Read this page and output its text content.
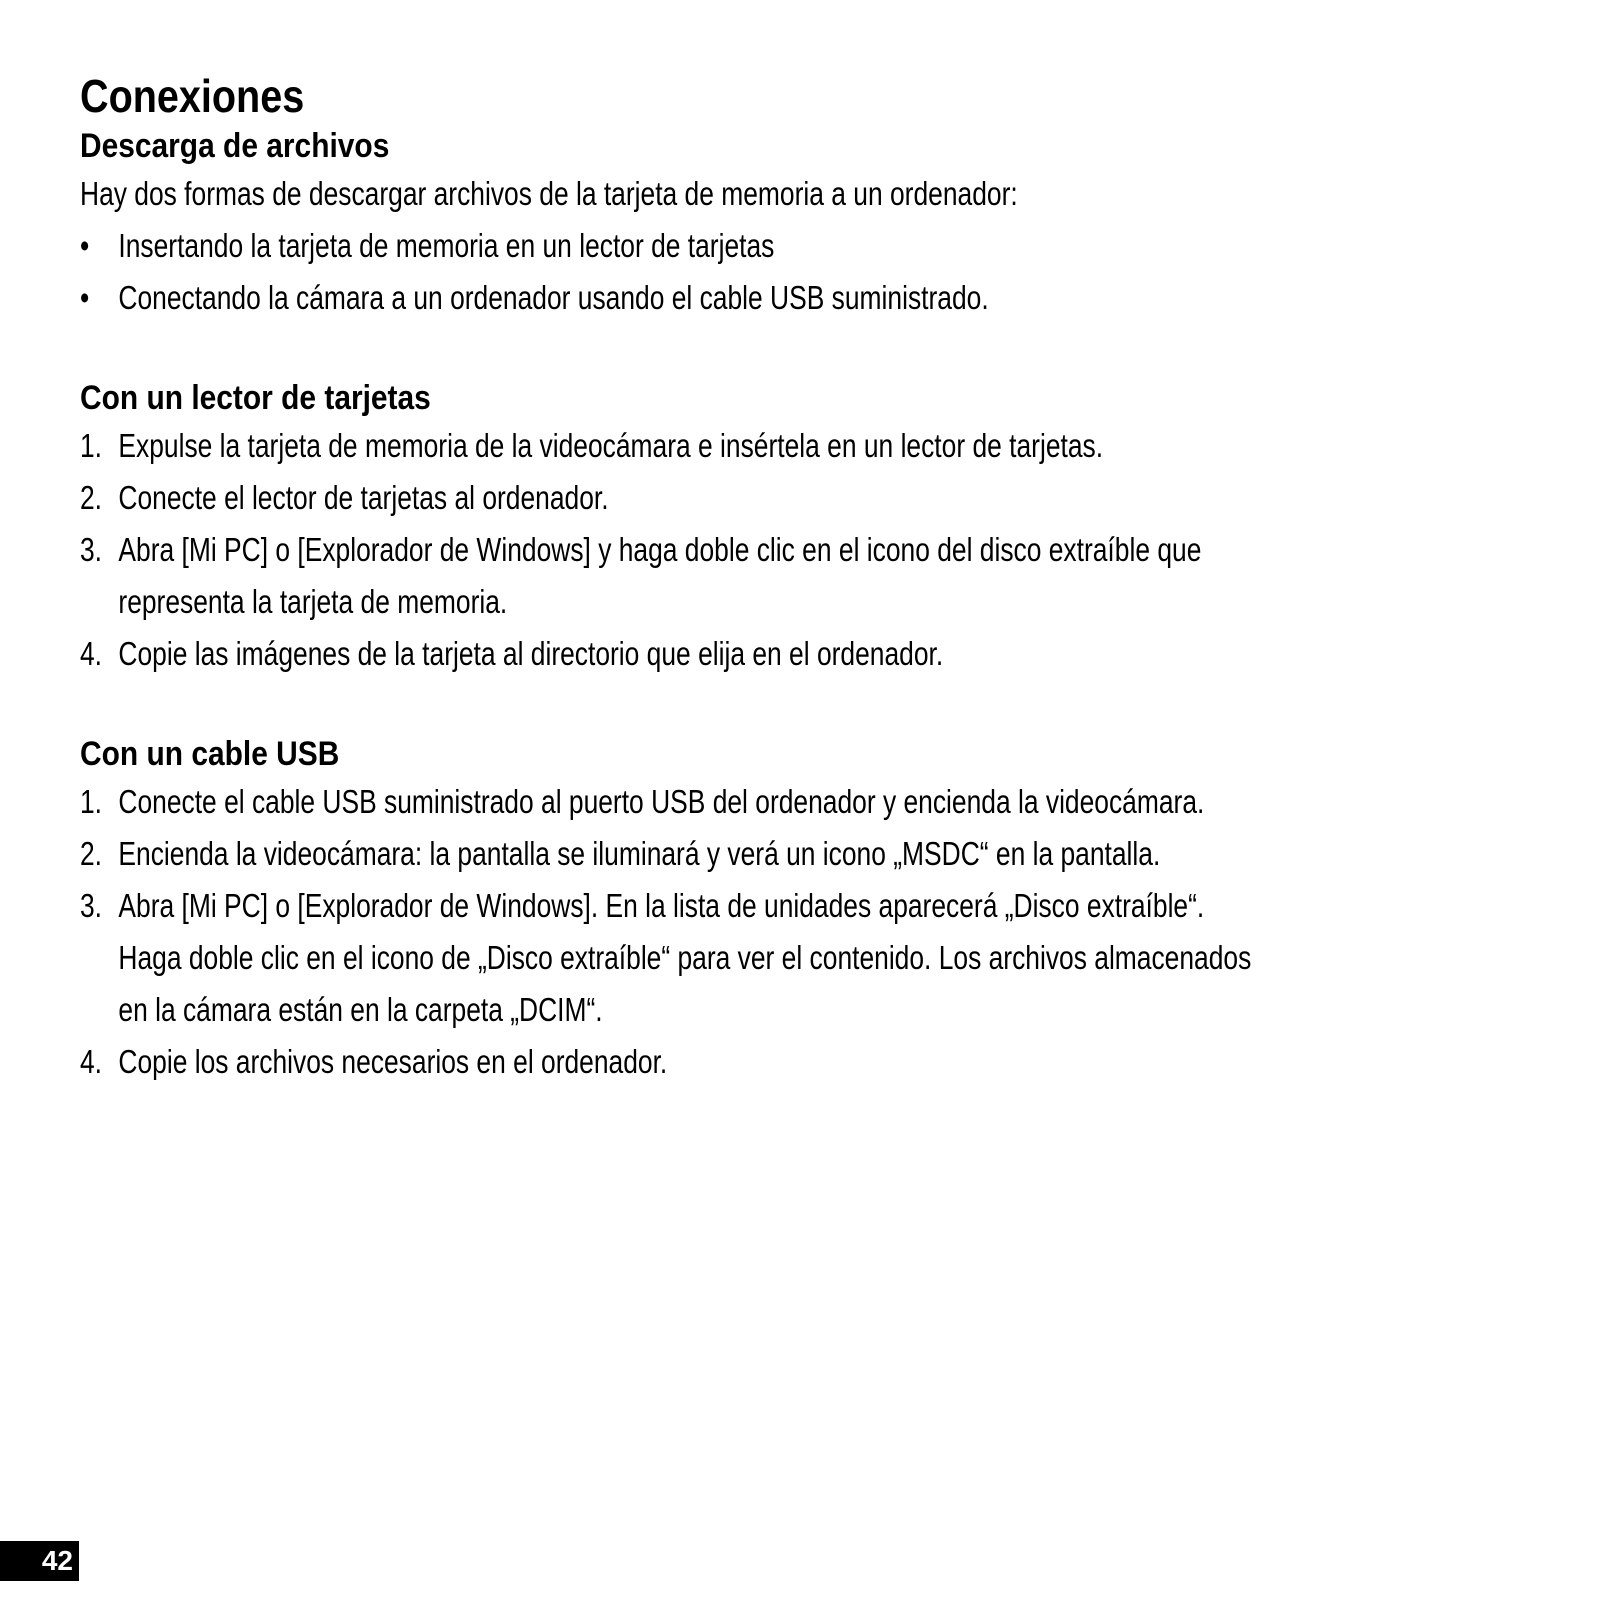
Conexiones
Descarga de archivos

Hay dos formas de descargar archivos de la tarjeta de memoria a un ordenador:

• Insertando la tarjeta de memoria en un lector de tarjetas
• Conectando la cámara a un ordenador usando el cable USB suministrado.
Con un lector de tarjetas
1. Expulse la tarjeta de memoria de la videocámara e insértela en un lector de tarjetas.
2. Conecte el lector de tarjetas al ordenador.
3. Abra [Mi PC] o [Explorador de Windows] y haga doble clic en el icono del disco extraíble que
representa la tarjeta de memoria.
4. Copie las imágenes de la tarjeta al directorio que elija en el ordenador.
Con un cable USB
1. Conecte el cable USB suministrado al puerto USB del ordenador y encienda la videocámara.
2. Encienda la videocámara: la pantalla se iluminará y verá un icono „MSDC“ en la pantalla.
3. Abra [Mi PC] o [Explorador de Windows]. En la lista de unidades aparecerá „Disco extraíble“.
Haga doble clic en el icono de „Disco extraíble“ para ver el contenido. Los archivos almacenados
en la cámara están en la carpeta „DCIM“.
4. Copie los archivos necesarios en el ordenador.
42
